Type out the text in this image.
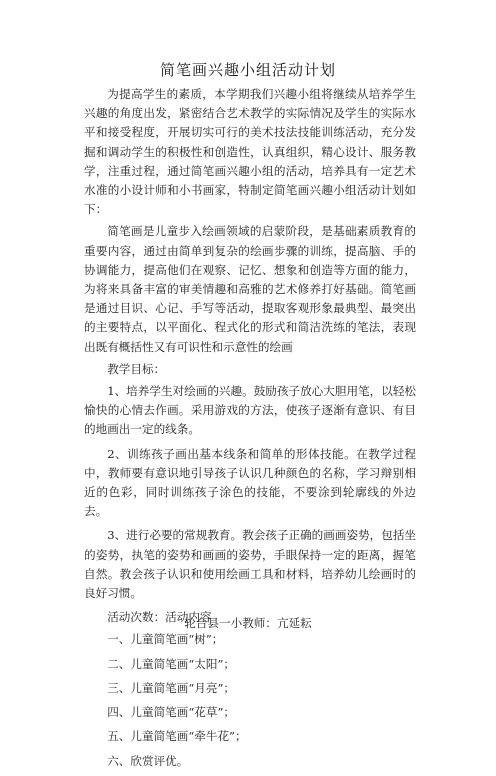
简笔画兴趣小组活动计划

为提高学生的素质，本学期我们兴趣小组将继续从培养学生兴趣的角度出发，紧密结合艺术教学的实际情况及学生的实际水平和接受程度，开展切实可行的美术技法技能训练活动，充分发掘和调动学生的积极性和创造性，认真组织，精心设计、服务教学，注重过程，通过简笔画兴趣小组的活动，培养具有一定艺术水准的小设计师和小书画家，特制定简笔画兴趣小组活动计划如下：

简笔画是儿童步入绘画领域的启蒙阶段，是基础素质教育的重要内容，通过由简单到复杂的绘画步骤的训练，提高脑、手的协调能力，提高他们在观察、记忆、想象和创造等方面的能力，为将来具备丰富的审美情趣和高雅的艺术修养打好基础。简笔画是通过目识、心记、手写等活动，提取客观形象最典型、最突出的主要特点，以平面化、程式化的形式和简洁洗练的笔法，表现出既有概括性又有可识性和示意性的绘画

教学目标：

1、培养学生对绘画的兴趣。鼓励孩子放心大胆用笔，以轻松愉快的心情去作画。采用游戏的方法，使孩子逐渐有意识、有目的地画出一定的线条。

2、训练孩子画出基本线条和简单的形体技能。在教学过程中，教师要有意识地引导孩子认识几种颜色的名称，学习辩别相近的色彩，同时训练孩子涂色的技能，不要涂到轮廓线的外边去。

3、进行必要的常规教育。教会孩子正确的画画姿势，包括坐的姿势，执笔的姿势和画画的姿势，手眼保持一定的距离，握笔自然。教会孩子认识和使用绘画工具和材料，培养幼儿绘画时的良好习惯。

活动次数：活动内容

一、儿童简笔画“树”；

二、儿童简笔画“太阳”；

三、儿童简笔画“月亮”；

四、儿童简笔画“花草”；

五、儿童简笔画“牵牛花”；

六、欣赏评优。

轮台县一小教师：亢延耘
